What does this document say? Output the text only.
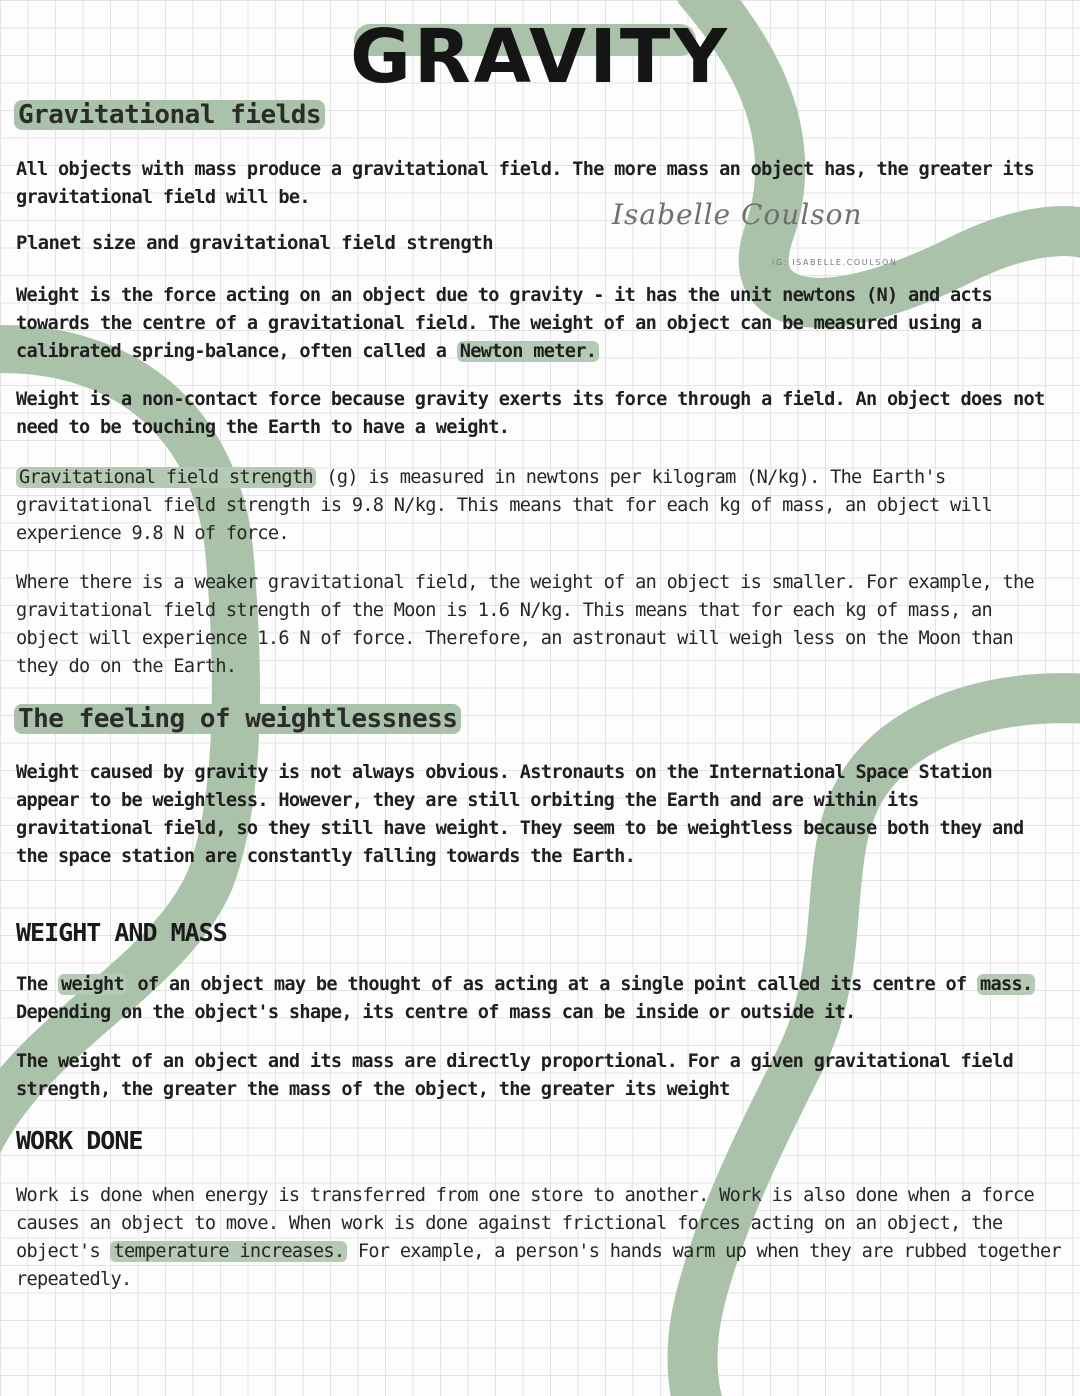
GRAVITY
Gravitational fields

All objects with mass produce a gravitational field. The more mass an object has, the greater its gravitational field will be.

Isabelle Coulson
IG: ISABELLE.COULSON

Planet size and gravitational field strength

Weight is the force acting on an object due to gravity - it has the unit newtons (N) and acts towards the centre of a gravitational field. The weight of an object can be measured using a calibrated spring-balance, often called a Newton meter.

Weight is a non-contact force because gravity exerts its force through a field. An object does not need to be touching the Earth to have a weight.

Gravitational field strength (g) is measured in newtons per kilogram (N/kg). The Earth's gravitational field strength is 9.8 N/kg. This means that for each kg of mass, an object will experience 9.8 N of force.

Where there is a weaker gravitational field, the weight of an object is smaller. For example, the gravitational field strength of the Moon is 1.6 N/kg. This means that for each kg of mass, an object will experience 1.6 N of force. Therefore, an astronaut will weigh less on the Moon than they do on the Earth.

The feeling of weightlessness

Weight caused by gravity is not always obvious. Astronauts on the International Space Station appear to be weightless. However, they are still orbiting the Earth and are within its gravitational field, so they still have weight. They seem to be weightless because both they and the space station are constantly falling towards the Earth.

WEIGHT AND MASS

The weight of an object may be thought of as acting at a single point called its centre of mass. Depending on the object's shape, its centre of mass can be inside or outside it.

The weight of an object and its mass are directly proportional. For a given gravitational field strength, the greater the mass of the object, the greater its weight

WORK DONE

Work is done when energy is transferred from one store to another. Work is also done when a force causes an object to move. When work is done against frictional forces acting on an object, the object's temperature increases. For example, a person's hands warm up when they are rubbed together repeatedly.
